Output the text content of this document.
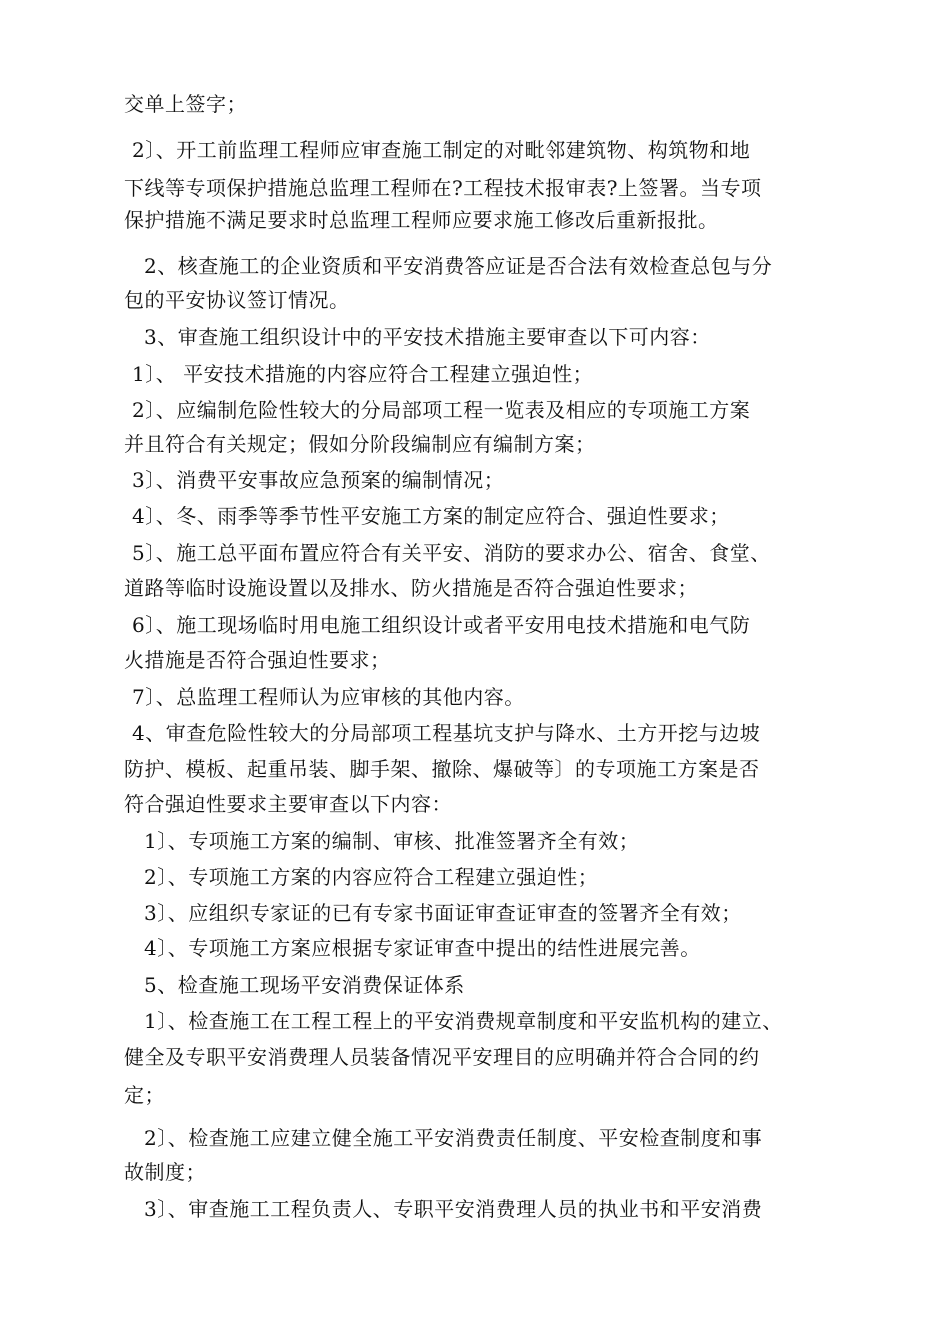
交单上签字；
2〕、开工前监理工程师应审查施工制定的对毗邻建筑物、构筑物和地
下线等专项保护措施总监理工程师在?工程技术报审表?上签署。当专项
保护措施不满足要求时总监理工程师应要求施工修改后重新报批。
2、核查施工的企业资质和平安消费答应证是否合法有效检查总包与分
包的平安协议签订情况。
3、审查施工组织设计中的平安技术措施主要审查以下可内容：
1〕、 平安技术措施的内容应符合工程建立强迫性；
2〕、应编制危险性较大的分局部项工程一览表及相应的专项施工方案
并且符合有关规定；假如分阶段编制应有编制方案；
3〕、消费平安事故应急预案的编制情况；
4〕、冬、雨季等季节性平安施工方案的制定应符合、强迫性要求；
5〕、施工总平面布置应符合有关平安、消防的要求办公、宿舍、食堂、
道路等临时设施设置以及排水、防火措施是否符合强迫性要求；
6〕、施工现场临时用电施工组织设计或者平安用电技术措施和电气防
火措施是否符合强迫性要求；
7〕、总监理工程师认为应审核的其他内容。
4、审查危险性较大的分局部项工程基坑支护与降水、土方开挖与边坡
防护、模板、起重吊装、脚手架、撤除、爆破等〕的专项施工方案是否
符合强迫性要求主要审查以下内容：
1〕、专项施工方案的编制、审核、批准签署齐全有效；
2〕、专项施工方案的内容应符合工程建立强迫性；
3〕、应组织专家证的已有专家书面证审查证审查的签署齐全有效；
4〕、专项施工方案应根据专家证审查中提出的结性进展完善。
5、检查施工现场平安消费保证体系
1〕、检查施工在工程工程上的平安消费规章制度和平安监机构的建立、
健全及专职平安消费理人员装备情况平安理目的应明确并符合合同的约
定；
2〕、检查施工应建立健全施工平安消费责任制度、平安检查制度和事
故制度；
3〕、审查施工工程负责人、专职平安消费理人员的执业书和平安消费
